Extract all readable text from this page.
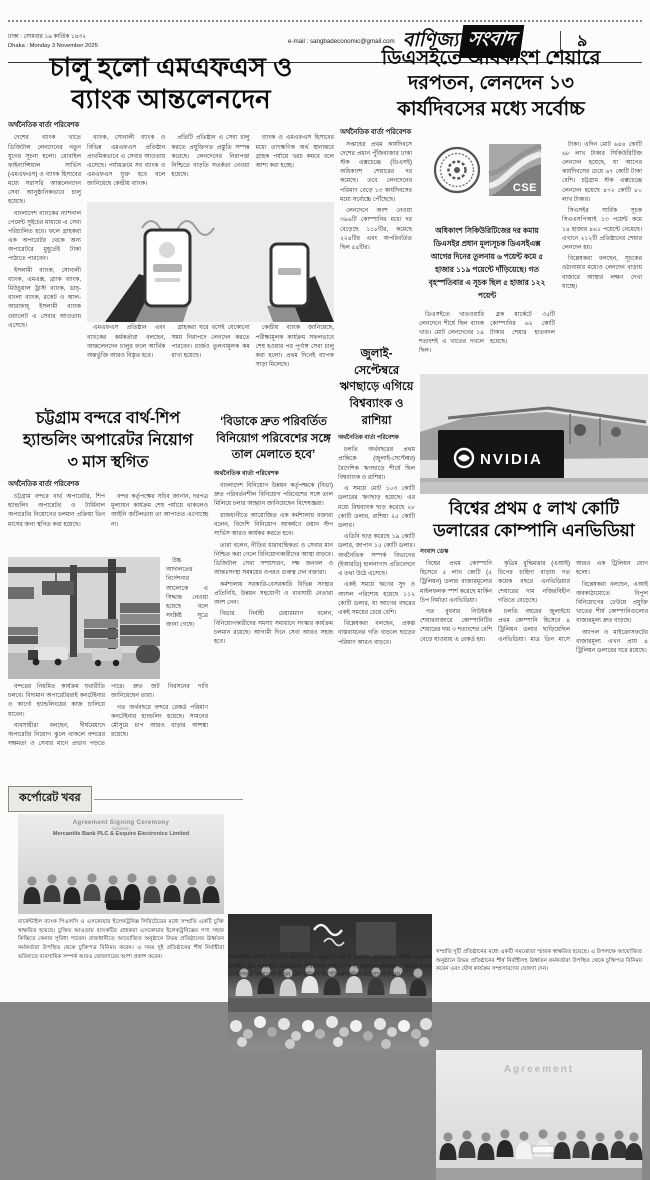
ঢাকা : সোমবার ১৯ কার্তিক ১৪৩২
Dhaka : Monday 3 November 2025
e-mail : sangbadeconomic@gmail.com বাণিজ্য সংবাদ	৯
চালু হলো এমএফএস ও
ব্যাংক আন্তলেনদেন
অর্থনৈতিক বার্তা পরিবেশক

দেশের ব্যাংক খাতে ডিজিটাল লেনদেনের নতুন যুগের সূচনা হলো। মোবাইল ফাইন্যান্সিয়াল সার্ভিস (এমএফএস) ও ব্যাংক হিসাবের মধ্যে সরাসরি আন্তলেনদেন সেবা আনুষ্ঠানিকভাবে চালু হয়েছে।

বাংলাদেশ ব্যাংকের ন্যাশনাল পেমেন্ট সুইচের মাধ্যমে এ সেবা পরিচালিত হবে। ফলে গ্রাহকরা এক অপারেটর থেকে অন্য অপারেটরে মুহূর্তেই টাকা পাঠাতে পারবেন।

ইসলামী ব্যাংক, সোনালী ব্যাংক, এমএক্স, ব্র্যাক ব্যাংক, মিউচুয়াল ট্রাস্ট ব্যাংক, ডাচ্-বাংলা ব্যাংক, রকেট ও আল-আরাফাহ্ ইসলামী ব্যাংক ওয়ালেট এ সেবার আওতায় এসেছে।

ব্যাংক, সোনালী ব্যাংক ও বিভিন্ন এমএফএস প্রতিষ্ঠান প্রাথমিকভাবে এ সেবার আওতায় এসেছে। পর্যায়ক্রমে সব ব্যাংক ও এমএফএস যুক্ত হবে বলে জানিয়েছে কেন্দ্রীয় ব্যাংক।

প্রতিটি প্রতিষ্ঠান এ সেবা চালু করতে প্রযুক্তিগত প্রস্তুতি সম্পন্ন করেছে। লেনদেনের নিরাপত্তা নিশ্চিতে বাড়তি সতর্কতা নেওয়া হয়েছে।

ব্যাংক ও এমএফএস হিসাবের মধ্যে তাৎক্ষণিক অর্থ স্থানান্তরে গ্রাহক পর্যায়ে খরচ কমবে বলে আশা করা হচ্ছে।

এমএফএস প্রতিষ্ঠান এবং ব্যাংকের কর্মকর্তারা বলছেন, আন্তলেনদেন চালুর ফলে আর্থিক অন্তর্ভুক্তি আরও বিস্তৃত হবে।

গ্রাহকরা ঘরে বসেই যেকোনো সময় নিরাপদে লেনদেন করতে পারবেন। চার্জও তুলনামূলক কম রাখা হয়েছে।

কেন্দ্রীয় ব্যাংক জানিয়েছে, পরীক্ষামূলক কার্যক্রম সফলভাবে শেষ হওয়ার পর পূর্ণাঙ্গ সেবা চালু করা হলো। প্রথম দিনেই ব্যাপক সাড়া মিলেছে।

ডিএসইতে অধিকাংশ শেয়ারে
দরপতন, লেনদেন ১৩
কার্যদিবসের মধ্যে সর্বোচ্চ
অর্থনৈতিক বার্তা পরিবেশক

সপ্তাহের প্রথম কার্যদিবসে দেশের প্রধান পুঁজিবাজার ঢাকা স্টক এক্সচেঞ্জে (ডিএসই) অধিকাংশ শেয়ারের দর কমেছে। তবে লেনদেনের পরিমাণ বেড়ে ১৩ কার্যদিবসের মধ্যে সর্বোচ্চে পৌঁছেছে।

লেনদেনে অংশ নেওয়া ৩৯৬টি কোম্পানির মধ্যে দর বেড়েছে ১১৮টির, কমেছে ২২৪টির এবং অপরিবর্তিত ছিল ৫৪টির।

CSE
অধিকাংশ সিকিউরিটিজের দর কমায় ডিএসইর প্রধান মূল্যসূচক ডিএসইএক্স আগের দিনের তুলনায় ৬ পয়েন্ট কমে ৫ হাজার ১১৯ পয়েন্টে দাঁড়িয়েছে। গত বৃহস্পতিবার এ সূচক ছিল ৫ হাজার ১২২ পয়েন্ট

ডিএসইতে খাতওয়ারি লেনদেনে শীর্ষে ছিল ব্যাংক খাত। মোট লেনদেনের ১৯ শতাংশই এ খাতের দখলে ছিল।

ব্লক মার্কেটে ৩৫টি কোম্পানির ৬২ কোটি টাকার শেয়ার হাতবদল হয়েছে।

টাকা। এদিন মোট ৬৪৪ কোটি ৬৮ লাখ টাকার সিকিউরিটিজ লেনদেন হয়েছে, যা আগের কার্যদিবসের চেয়ে ৬৭ কোটি টাকা বেশি। চট্টগ্রাম স্টক এক্সচেঞ্জে লেনদেন হয়েছে ৪৭২ কোটি ৮০ লাখ টাকার।

সিএসইর সার্বিক সূচক সিএএসপিআই ১৩ পয়েন্ট কমে ১৪ হাজার ৪৬১ পয়েন্টে নেমেছে। এখানে ২১২টি প্রতিষ্ঠানের শেয়ার লেনদেন হয়।

বিশ্লেষকরা বলছেন, সূচকের ওঠানামার মধ্যেও লেনদেন বাড়ায় বাজারে আস্থার লক্ষণ দেখা যাচ্ছে।

চট্টগ্রাম বন্দরে বার্থ-শিপ
হ্যান্ডলিং অপারেটর নিয়োগ
৩ মাস স্থগিত
অর্থনৈতিক বার্তা পরিবেশক

চট্টগ্রাম বন্দরে বার্থ অপারেটর, শিপ হ্যান্ডলিং অপারেটর ও টার্মিনাল অপারেটর নিয়োগের চলমান প্রক্রিয়া তিন মাসের জন্য স্থগিত করা হয়েছে।

বন্দর কর্তৃপক্ষের সচিব জানান, দরপত্র মূল্যায়ন কার্যক্রম শেষ পর্যায়ে থাকলেও আইনি জটিলতায় তা আপাতত এগোচ্ছে না।

উচ্চ আদালতের নির্দেশনার আলোকে এ সিদ্ধান্ত নেওয়া হয়েছে বলে সংশ্লিষ্ট সূত্রে জানা গেছে।

বন্দরের নিয়মিত কার্যক্রম যথারীতি চলবে। বিদ্যমান অপারেটররাই কনটেইনার ও কার্গো হ্যান্ডলিংয়ের কাজ চালিয়ে যাবেন।

ব্যবসায়ীরা বলছেন, দীর্ঘমেয়াদে অপারেটর নিয়োগ ঝুলে থাকলে বন্দরের সক্ষমতা ও সেবার মানে প্রভাব পড়তে পারে। দ্রুত জট নিরসনের দাবি জানিয়েছেন তারা।

গত অর্থবছরে বন্দরে রেকর্ড পরিমাণ কনটেইনার হ্যান্ডলিং হয়েছে। সামনের মৌসুমে চাপ আরও বাড়ার আশঙ্কা রয়েছে।

‘বিডাকে দ্রুত পরিবর্তিত বিনিয়োগ পরিবেশের সঙ্গে তাল মেলাতে হবে’
অর্থনৈতিক বার্তা পরিবেশক

বাংলাদেশ বিনিয়োগ উন্নয়ন কর্তৃপক্ষকে (বিডা) দ্রুত পরিবর্তনশীল বিনিয়োগ পরিবেশের সঙ্গে তাল মিলিয়ে চলার আহ্বান জানিয়েছেন বিশেষজ্ঞরা।

রাজধানীতে আয়োজিত এক কর্মশালায় বক্তারা বলেন, বিদেশি বিনিয়োগ আকর্ষণে ওয়ান স্টপ সার্ভিস আরও কার্যকর করতে হবে।

তারা বলেন, নীতির ধারাবাহিকতা ও সেবার মান নিশ্চিত করা গেলে বিনিয়োগকারীদের আস্থা বাড়বে। ডিজিটাল সেবা সম্প্রসারণ, দক্ষ জনবল ও আন্তঃসংস্থা সমন্বয়ের ওপরও গুরুত্ব দেন বক্তারা।

কর্মশালায় সরকারি-বেসরকারি বিভিন্ন সংস্থার প্রতিনিধি, উন্নয়ন সহযোগী ও ব্যবসায়ী নেতারা অংশ নেন।

বিডার নির্বাহী চেয়ারম্যান বলেন, বিনিয়োগকারীদের সমস্যা সমাধানে সংস্কার কার্যক্রম চলমান রয়েছে। আগামী দিনে সেবা আরও সহজ হবে।

জুলাই-সেপ্টেম্বরে ঋণছাড়ে এগিয়ে বিশ্বব্যাংক ও রাশিয়া
অর্থনৈতিক বার্তা পরিবেশক

চলতি অর্থবছরের প্রথম প্রান্তিকে (জুলাই-সেপ্টেম্বর) বৈদেশিক ঋণছাড়ে শীর্ষে ছিল বিশ্বব্যাংক ও রাশিয়া।

এ সময়ে মোট ১০৩ কোটি ডলারের ঋণছাড় হয়েছে। এর মধ্যে বিশ্বব্যাংক ছাড় করেছে ২৮ কোটি ডলার, রাশিয়া ২৫ কোটি ডলার।

এডিবি ছাড় করেছে ১৯ কোটি ডলার, জাপান ১৫ কোটি ডলার। অর্থনৈতিক সম্পর্ক বিভাগের (ইআরডি) হালনাগাদ প্রতিবেদনে এ তথ্য উঠে এসেছে।

একই সময়ে ঋণের সুদ ও আসল পরিশোধ হয়েছে ১১২ কোটি ডলার, যা আগের বছরের একই সময়ের চেয়ে বেশি।

বিশ্লেষকরা বলছেন, প্রকল্প বাস্তবায়নের গতি বাড়লে ছাড়ের পরিমাণ আরও বাড়বে।

NVIDIA
বিশ্বের প্রথম ৫ লাখ কোটি ডলারের কোম্পানি এনভিডিয়া
সংবাদ ডেস্ক

বিশ্বের প্রথম কোম্পানি হিসেবে ৫ লাখ কোটি (৫ ট্রিলিয়ন) ডলার বাজারমূল্যের মাইলফলক স্পর্শ করেছে মার্কিন চিপ নির্মাতা এনভিডিয়া।

গত বুধবার নিউইয়র্ক শেয়ারবাজারে কোম্পানিটির শেয়ারের দাম ৩ শতাংশের বেশি বেড়ে যাওয়ায় এ রেকর্ড হয়।

কৃত্রিম বুদ্ধিমত্তার (এআই) চিপের চাহিদা বাড়ায় গত কয়েক বছরে এনভিডিয়ার শেয়ারের দাম নজিরবিহীন গতিতে বেড়েছে।

চলতি বছরের জুলাইয়ে প্রথম কোম্পানি হিসেবে ৪ ট্রিলিয়ন ডলার ছাড়িয়েছিল এনভিডিয়া। মাত্র তিন মাসে আরও এক ট্রিলিয়ন যোগ হলো।

বিশ্লেষকরা বলছেন, এআই অবকাঠামোতে বিপুল বিনিয়োগের ঢেউয়ে প্রযুক্তি খাতের শীর্ষ কোম্পানিগুলোর বাজারমূল্য দ্রুত বাড়ছে।

অ্যাপল ও মাইক্রোসফটের বাজারমূল্য এখন প্রায় ৪ ট্রিলিয়ন ডলারের ঘরে রয়েছে।

কর্পোরেট খবর
Agreement Signing Ceremony
between
Mercantile Bank PLC & Esquire Electronics Limited
Agreement

মার্কেন্টাইল ব্যাংক পিএলসি ও এসকোয়ার ইলেকট্রনিক্স লিমিটেডের মধ্যে সম্প্রতি একটি চুক্তি স্বাক্ষরিত হয়েছে। চুক্তির আওতায় ব্যাংকটির গ্রাহকরা এসকোয়ার ইলেকট্রনিক্সের পণ্য সহজ কিস্তিতে কেনার সুবিধা পাবেন। রাজধানীতে আয়োজিত অনুষ্ঠানে উভয় প্রতিষ্ঠানের ঊর্ধ্বতন কর্মকর্তারা উপস্থিত থেকে চুক্তিপত্র বিনিময় করেন। এ সময় দুই প্রতিষ্ঠানের শীর্ষ নির্বাহীরা ভবিষ্যতে ব্যবসায়িক সম্পর্ক আরও জোরদারের আশা প্রকাশ করেন।	রাজধানীর একটি হোটেলে আয়োজিত অনুষ্ঠানে একটি আর্থিক প্রতিষ্ঠানের বার্ষিক সম্মেলন অনুষ্ঠিত হয়। সম্মেলনে প্রতিষ্ঠানের পরিচালনা পর্ষদের সদস্য, ঊর্ধ্বতন কর্মকর্তা ও বিভিন্ন শাখার ব্যবস্থাপকরা অংশগ্রহণ করেন এবং ভবিষ্যৎ কর্মপরিকল্পনা নিয়ে আলোচনা করেন।

সম্প্রতি দুটি প্রতিষ্ঠানের মধ্যে একটি সমঝোতা স্মারক স্বাক্ষরিত হয়েছে। এ উপলক্ষে আয়োজিত অনুষ্ঠানে উভয় প্রতিষ্ঠানের শীর্ষ নির্বাহীসহ ঊর্ধ্বতন কর্মকর্তারা উপস্থিত থেকে চুক্তিপত্র বিনিময় করেন এবং যৌথ কার্যক্রম সম্প্রসারণের ঘোষণা দেন।
